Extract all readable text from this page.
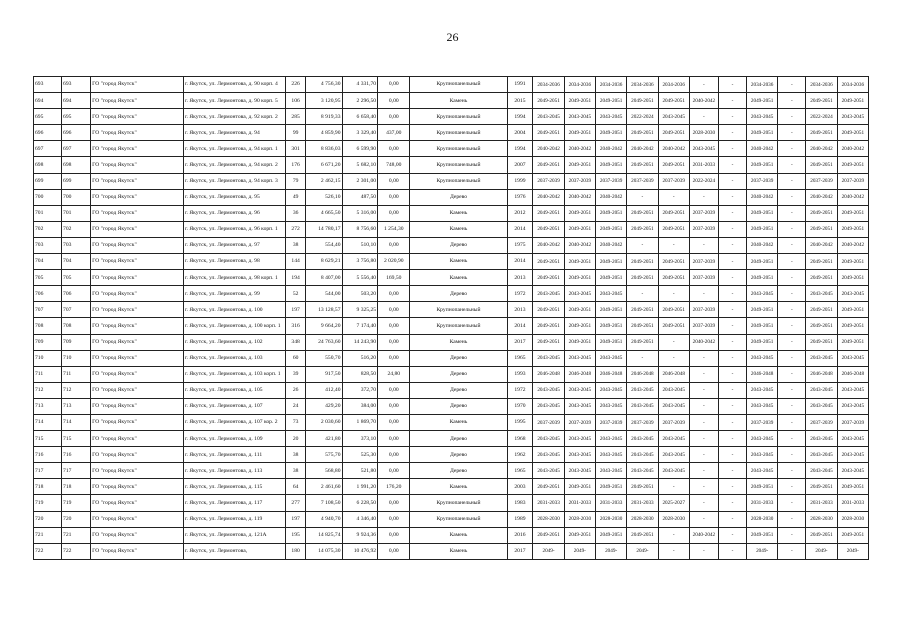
26
693	693	ГО "город Якутск"	г. Якутск, ул. Лермонтова, д. 90 корп. 4	226	4 756,30	4 331,70	0,00	Крупнопанельный	1991	2034-2036	2034-2036	2034-2036	2034-2036	2034-2036	-	-	2034-2036	-	2034-2036	2034-2036
694	694	ГО "город Якутск"	г. Якутск, ул. Лермонтова, д. 90 корп. 5	106	3 120,95	2 296,50	0,00	Камень	2015	2049-2051	2049-2051	2049-2051	2049-2051	2049-2051	2040-2042	-	2049-2051	-	2049-2051	2049-2051
695	695	ГО "город Якутск"	г. Якутск, ул. Лермонтова, д. 92 корп. 2	285	8 919,33	6 658,40	0,00	Крупнопанельный	1994	2043-2045	2043-2045	2043-2045	2022-2024	2043-2045	-	-	2043-2045	-	2022-2024	2043-2045
696	696	ГО "город Якутск"	г. Якутск, ул. Лермонтова, д. 94	99	4 859,90	3 329,40	437,00	Крупнопанельный	2004	2049-2051	2049-2051	2049-2051	2049-2051	2049-2051	2028-2030	-	2049-2051	-	2049-2051	2049-2051
697	697	ГО "город Якутск"	г. Якутск, ул. Лермонтова, д. 94 корп. 1	301	8 836,03	6 599,90	0,00	Крупнопанельный	1994	2040-2042	2040-2042	2040-2042	2040-2042	2040-2042	2043-2045	-	2040-2042	-	2040-2042	2040-2042
698	698	ГО "город Якутск"	г. Якутск, ул. Лермонтова, д. 94 корп. 2	176	6 671,20	5 682,10	748,00	Крупнопанельный	2007	2049-2051	2049-2051	2049-2051	2049-2051	2049-2051	2031-2033	-	2049-2051	-	2049-2051	2049-2051
699	699	ГО "город Якутск"	г. Якутск, ул. Лермонтова, д. 94 корп. 3	79	2 462,15	2 301,00	0,00	Крупнопанельный	1999	2037-2039	2037-2039	2037-2039	2037-2039	2037-2039	2022-2024	-	2037-2039	-	2037-2039	2037-2039
700	700	ГО "город Якутск"	г. Якутск, ул. Лермонтова, д. 95	49	526,10	487,50	0,00	Дерево	1976	2040-2042	2040-2042	2040-2042	-	-	-	-	2040-2042	-	2040-2042	2040-2042
701	701	ГО "город Якутск"	г. Якутск, ул. Лермонтова, д. 96	36	4 665,50	5 316,00	0,00	Камень	2012	2049-2051	2049-2051	2049-2051	2049-2051	2049-2051	2037-2039	-	2049-2051	-	2049-2051	2049-2051
702	702	ГО "город Якутск"	г. Якутск, ул. Лермонтова, д. 96 корп. 1	272	14 780,17	8 756,60	1 254,30	Камень	2014	2049-2051	2049-2051	2049-2051	2049-2051	2049-2051	2037-2039	-	2049-2051	-	2049-2051	2049-2051
703	703	ГО "город Якутск"	г. Якутск, ул. Лермонтова, д. 97	38	554,40	510,10	0,00	Дерево	1975	2040-2042	2040-2042	2040-2042	-	-	-	-	2040-2042	-	2040-2042	2040-2042
704	704	ГО "город Якутск"	г. Якутск, ул. Лермонтова, д. 98	144	8 629,21	3 756,80	2 020,90	Камень	2014	2049-2051	2049-2051	2049-2051	2049-2051	2049-2051	2037-2039	-	2049-2051	-	2049-2051	2049-2051
705	705	ГО "город Якутск"	г. Якутск, ул. Лермонтова, д. 98 корп. 1	194	8 407,00	5 556,40	169,50	Камень	2013	2049-2051	2049-2051	2049-2051	2049-2051	2049-2051	2037-2039	-	2049-2051	-	2049-2051	2049-2051
706	706	ГО "город Якутск"	г. Якутск, ул. Лермонтова, д. 99	52	544,00	503,20	0,00	Дерево	1972	2043-2045	2043-2045	2043-2045	-	-	-	-	2043-2045	-	2043-2045	2043-2045
707	707	ГО "город Якутск"	г. Якутск, ул. Лермонтова, д. 100	197	13 128,57	9 325,25	0,00	Крупнопанельный	2013	2049-2051	2049-2051	2049-2051	2049-2051	2049-2051	2037-2039	-	2049-2051	-	2049-2051	2049-2051
708	708	ГО "город Якутск"	г. Якутск, ул. Лермонтова, д. 100 корп. 1	316	9 664,20	7 174,40	0,00	Крупнопанельный	2014	2049-2051	2049-2051	2049-2051	2049-2051	2049-2051	2037-2039	-	2049-2051	-	2049-2051	2049-2051
709	709	ГО "город Якутск"	г. Якутск, ул. Лермонтова, д. 102	348	24 763,60	14 243,90	0,00	Камень	2017	2049-2051	2049-2051	2049-2051	2049-2051	-	2040-2042	-	2049-2051	-	2049-2051	2049-2051
710	710	ГО "город Якутск"	г. Якутск, ул. Лермонтова, д. 103	60	550,70	516,20	0,00	Дерево	1965	2043-2045	2043-2045	2043-2045	-	-	-	-	2043-2045	-	2043-2045	2043-2045
711	711	ГО "город Якутск"	г. Якутск, ул. Лермонтова, д. 103 корп. 1	39	917,50	828,50	24,80	Дерево	1993	2046-2048	2046-2048	2046-2048	2046-2048	2046-2048	-	-	2046-2048	-	2046-2048	2046-2048
712	712	ГО "город Якутск"	г. Якутск, ул. Лермонтова, д. 105	26	412,40	372,70	0,00	Дерево	1972	2043-2045	2043-2045	2043-2045	2043-2045	2043-2045	-	-	2043-2045	-	2043-2045	2043-2045
713	713	ГО "город Якутск"	г. Якутск, ул. Лермонтова, д. 107	24	429,20	384,00	0,00	Дерево	1970	2043-2045	2043-2045	2043-2045	2043-2045	2043-2045	-	-	2043-2045	-	2043-2045	2043-2045
714	714	ГО "город Якутск"	г. Якутск, ул. Лермонтова, д. 107 кор. 2	73	2 030,60	1 869,70	0,00	Камень	1995	2037-2039	2037-2039	2037-2039	2037-2039	2037-2039	-	-	2037-2039	-	2037-2039	2037-2039
715	715	ГО "город Якутск"	г. Якутск, ул. Лермонтова, д. 109	20	421,80	373,10	0,00	Дерево	1968	2043-2045	2043-2045	2043-2045	2043-2045	2043-2045	-	-	2043-2045	-	2043-2045	2043-2045
716	716	ГО "город Якутск"	г. Якутск, ул. Лермонтова, д. 111	38	575,70	525,30	0,00	Дерево	1962	2043-2045	2043-2045	2043-2045	2043-2045	2043-2045	-	-	2043-2045	-	2043-2045	2043-2045
717	717	ГО "город Якутск"	г. Якутск, ул. Лермонтова, д. 113	38	568,80	521,80	0,00	Дерево	1965	2043-2045	2043-2045	2043-2045	2043-2045	2043-2045	-	-	2043-2045	-	2043-2045	2043-2045
718	718	ГО "город Якутск"	г. Якутск, ул. Лермонтова, д. 115	64	2 461,60	1 991,20	176,20	Камень	2003	2049-2051	2049-2051	2049-2051	2049-2051	-	-	-	2049-2051	-	2049-2051	2049-2051
719	719	ГО "город Якутск"	г. Якутск, ул. Лермонтова, д. 117	277	7 108,50	6 228,50	0,00	Крупнопанельный	1983	2031-2033	2031-2033	2031-2033	2031-2033	2025-2027	-	-	2031-2033	-	2031-2033	2031-2033
720	720	ГО "город Якутск"	г. Якутск, ул. Лермонтова, д. 119	197	4 940,70	4 346,40	0,00	Крупнопанельный	1989	2028-2030	2028-2030	2028-2030	2028-2030	2028-2030	-	-	2028-2030	-	2028-2030	2028-2030
721	721	ГО "город Якутск"	г. Якутск, ул. Лермонтова, д. 121А	195	14 825,74	9 924,36	0,00	Камень	2016	2049-2051	2049-2051	2049-2051	2049-2051	-	2040-2042	-	2049-2051	-	2049-2051	2049-2051
722	722	ГО "город Якутск"	г. Якутск, ул. Лермонтова,	180	14 075,30	10 476,92	0,00	Камень	2017	2049-	2049-	2049-	2049-	-	-	-	2049-	-	2049-	2049-
